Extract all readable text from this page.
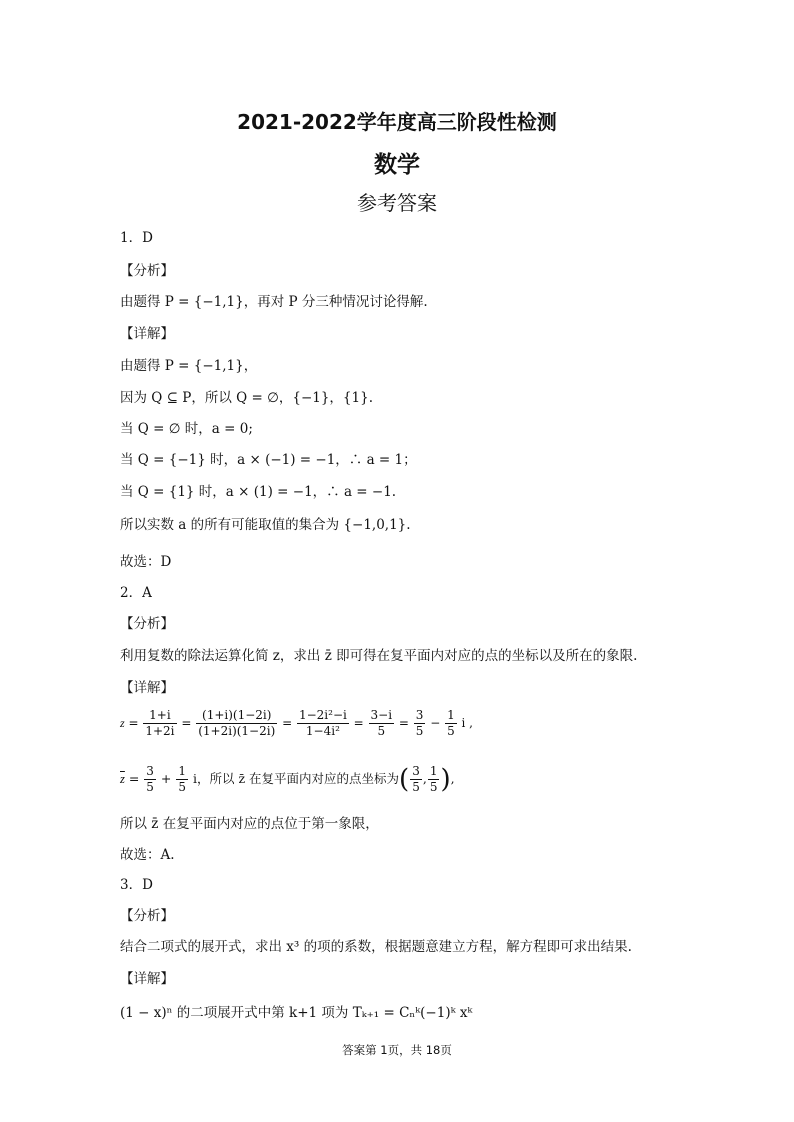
2021-2022学年度高三阶段性检测
数学
参考答案
1．D
【分析】
由题得 P = {−1,1}，再对 P 分三种情况讨论得解.
【详解】
由题得 P = {−1,1}，
因为 Q ⊆ P，所以 Q = ∅，{−1}，{1}.
当 Q = ∅ 时，a = 0;
当 Q = {−1} 时，a × (−1) = −1，∴ a = 1；
当 Q = {1} 时，a × (1) = −1，∴ a = −1.
所以实数 a 的所有可能取值的集合为 {−1,0,1}.
故选：D
2．A
【分析】
利用复数的除法运算化简 z，求出 z̄ 即可得在复平面内对应的点的坐标以及所在的象限.
【详解】
$z = \frac{1+i}{1+2i} = \frac{(1+i)(1-2i)}{(1+2i)(1-2i)} = \frac{\text{1−2i²−i}}{\text{1−4i²}} = \frac{3-i}{5} = \frac{3}{5} - \frac{1}{5}$ i ,
$\overline{z} = \frac{3}{5} + \frac{1}{5}$ i，所以 z̄ 在复平面内对应的点坐标为( $\frac{3}{5}$ , $\frac{1}{5}$ ),
所以 z̄ 在复平面内对应的点位于第一象限，
故选：A.
3．D
【分析】
结合二项式的展开式，求出 x³ 的项的系数，根据题意建立方程，解方程即可求出结果.
【详解】
(1 − x)ⁿ 的二项展开式中第 k+1 项为 Tₖ₊₁ = Cₙᵏ(−1)ᵏ xᵏ
答案第 1页，共 18页
